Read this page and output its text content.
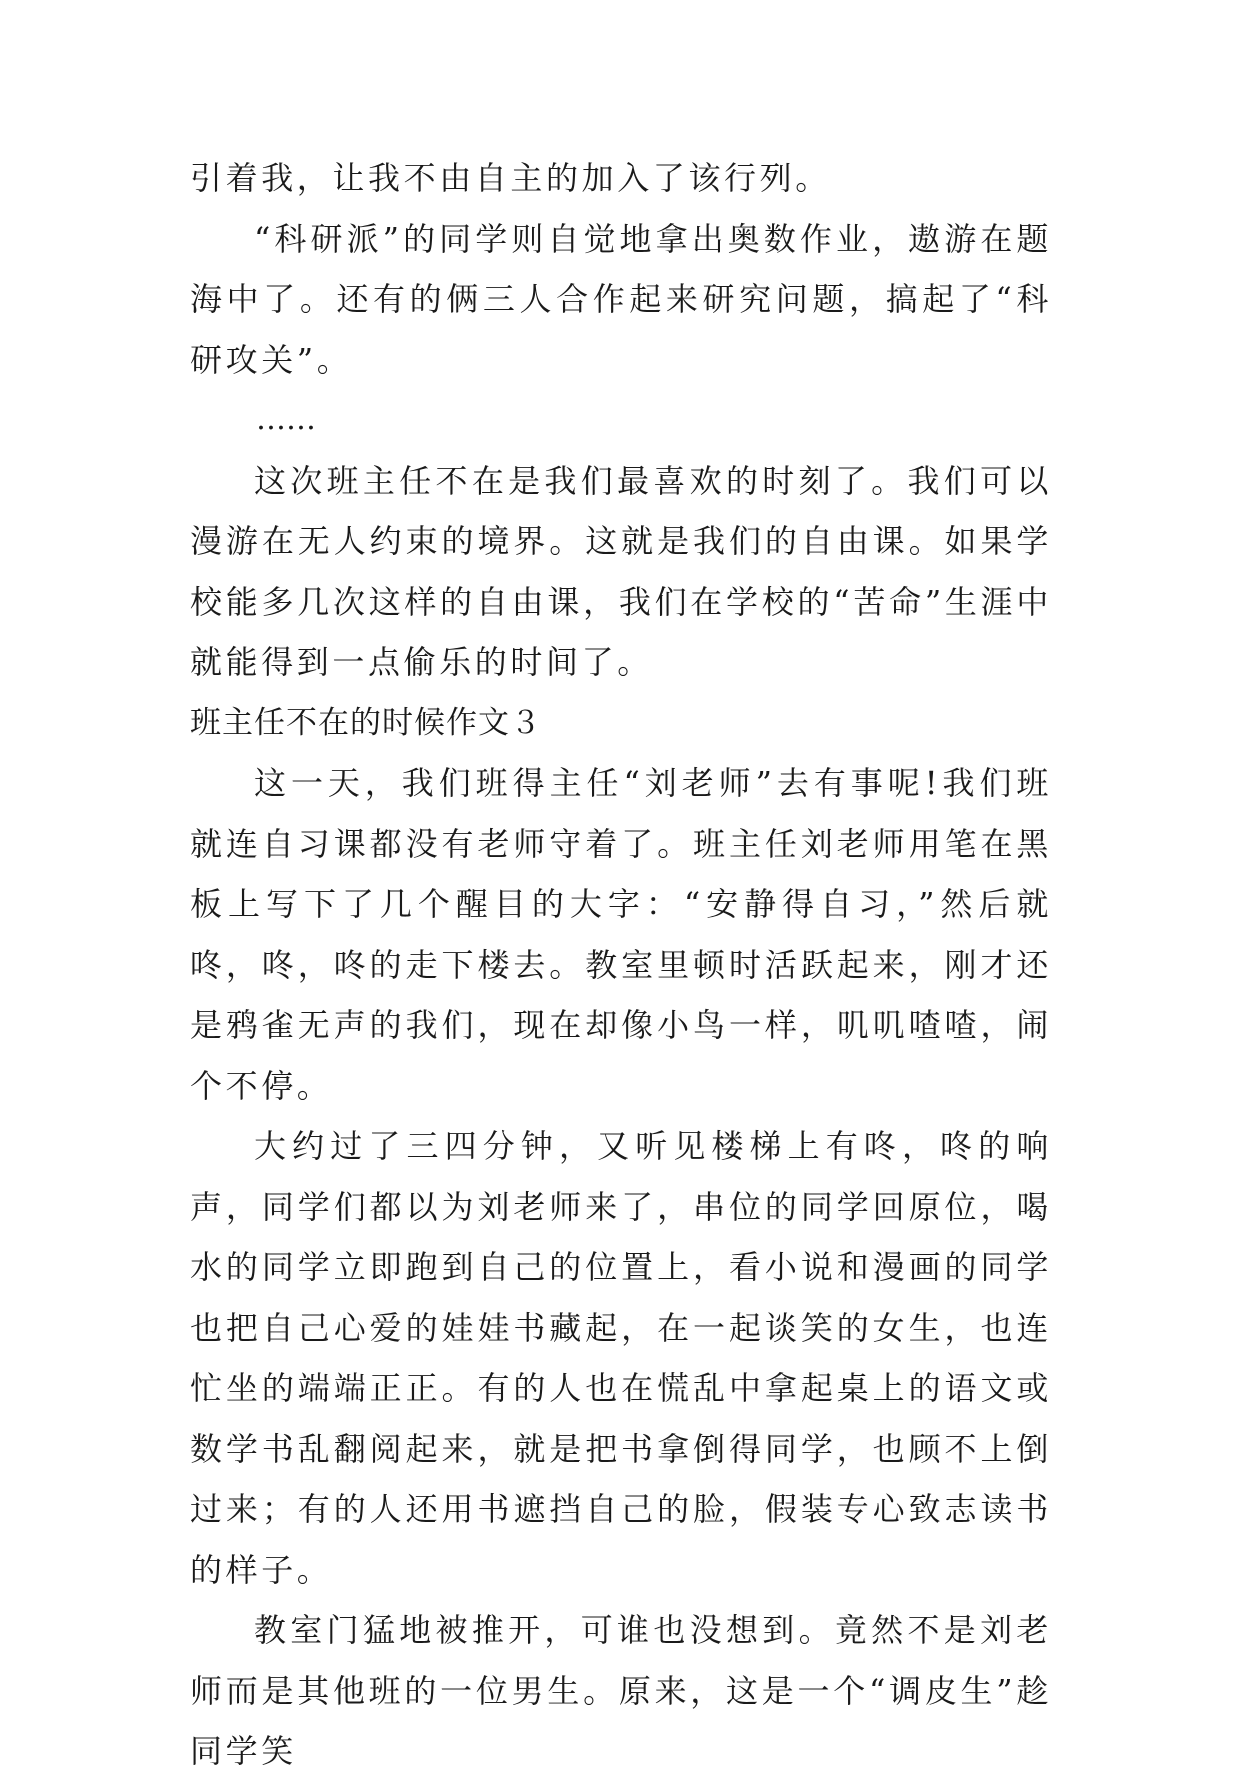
引着我，让我不由自主的加入了该行列。

“科研派”的同学则自觉地拿出奥数作业，遨游在题海中了。还有的俩三人合作起来研究问题，搞起了“科研攻关”。

……

这次班主任不在是我们最喜欢的时刻了。我们可以漫游在无人约束的境界。这就是我们的自由课。如果学校能多几次这样的自由课，我们在学校的“苦命”生涯中就能得到一点偷乐的时间了。

班主任不在的时候作文３

这一天，我们班得主任“刘老师”去有事呢!我们班就连自习课都没有老师守着了。班主任刘老师用笔在黑板上写下了几个醒目的大字：“安静得自习，”然后就咚，咚，咚的走下楼去。教室里顿时活跃起来，刚才还是鸦雀无声的我们，现在却像小鸟一样，叽叽喳喳，闹个不停。

大约过了三四分钟，又听见楼梯上有咚，咚的响声，同学们都以为刘老师来了，串位的同学回原位，喝水的同学立即跑到自己的位置上，看小说和漫画的同学也把自己心爱的娃娃书藏起，在一起谈笑的女生，也连忙坐的端端正正。有的人也在慌乱中拿起桌上的语文或数学书乱翻阅起来，就是把书拿倒得同学，也顾不上倒过来；有的人还用书遮挡自己的脸，假装专心致志读书的样子。

教室门猛地被推开，可谁也没想到。竟然不是刘老师而是其他班的一位男生。原来，这是一个“调皮生”趁同学笑
